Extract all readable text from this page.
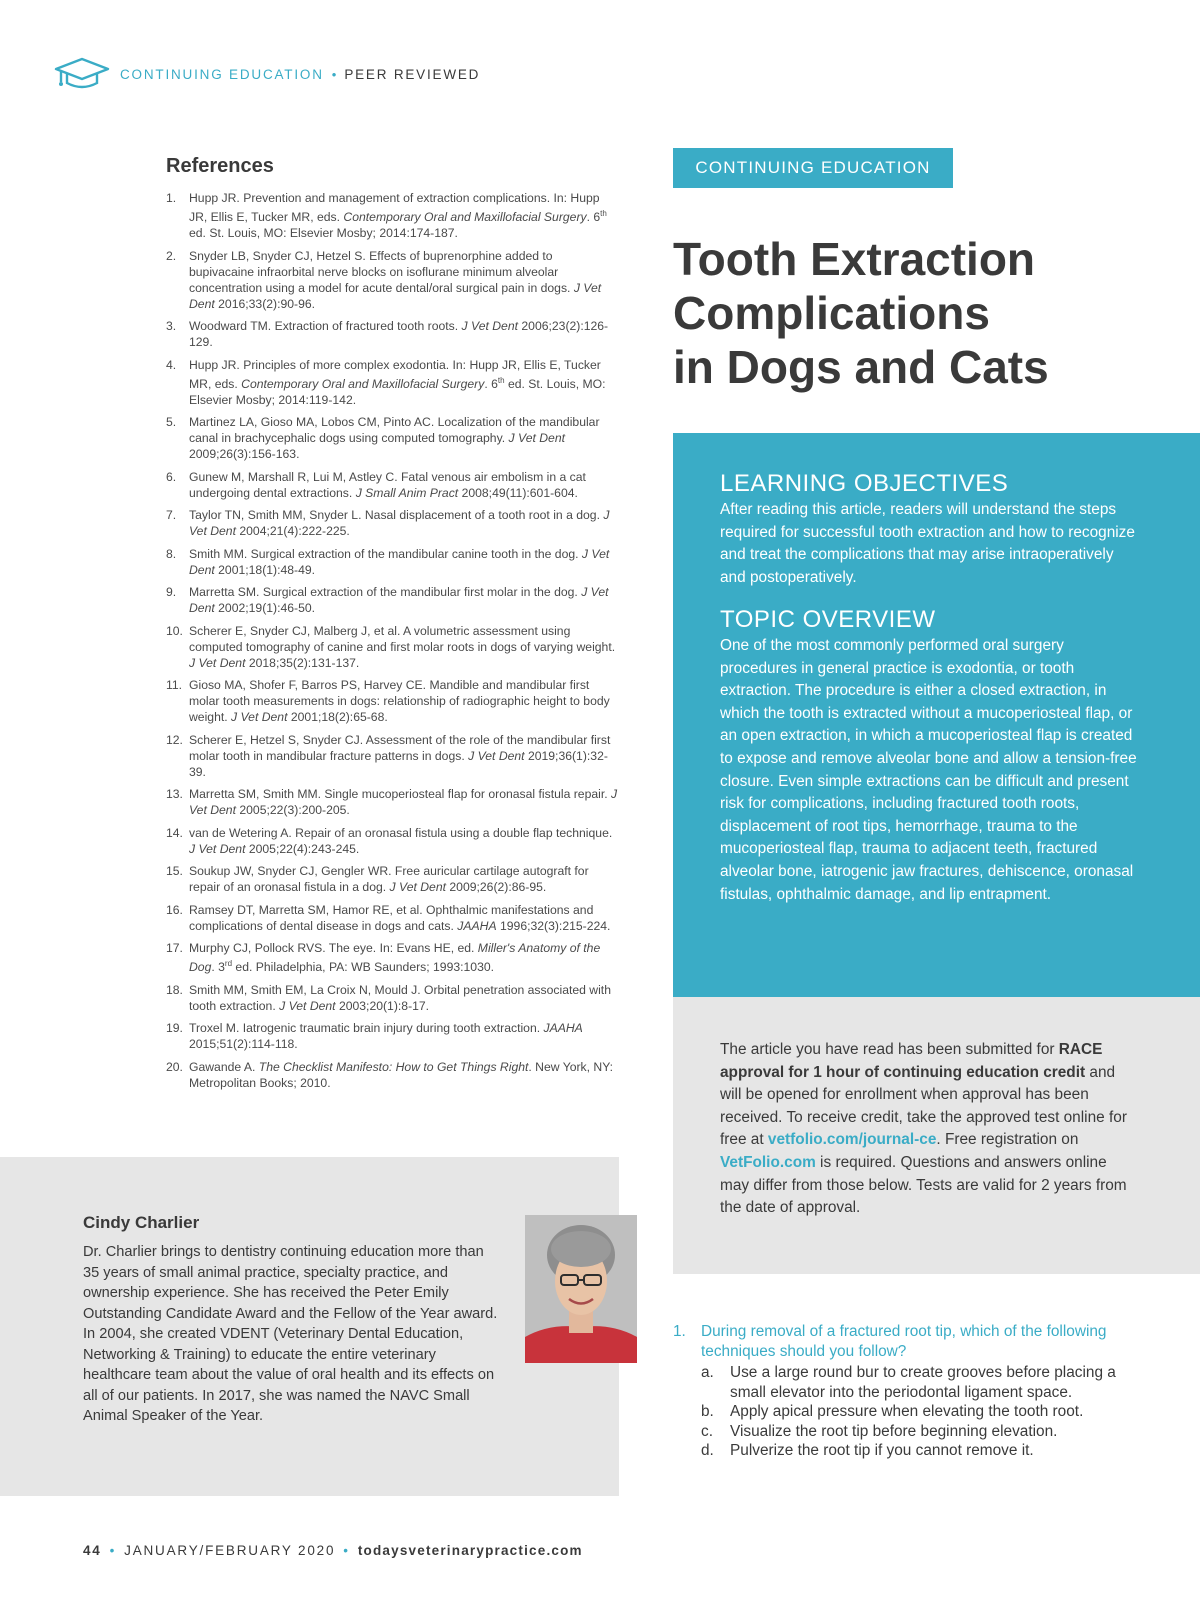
CONTINUING EDUCATION • PEER REVIEWED
References
1.	Hupp JR. Prevention and management of extraction complications. In: Hupp JR, Ellis E, Tucker MR, eds. Contemporary Oral and Maxillofacial Surgery. 6th ed. St. Louis, MO: Elsevier Mosby; 2014:174-187.
2.	Snyder LB, Snyder CJ, Hetzel S. Effects of buprenorphine added to bupivacaine infraorbital nerve blocks on isoflurane minimum alveolar concentration using a model for acute dental/oral surgical pain in dogs. J Vet Dent 2016;33(2):90-96.
3.	Woodward TM. Extraction of fractured tooth roots. J Vet Dent 2006;23(2):126-129.
4.	Hupp JR. Principles of more complex exodontia. In: Hupp JR, Ellis E, Tucker MR, eds. Contemporary Oral and Maxillofacial Surgery. 6th ed. St. Louis, MO: Elsevier Mosby; 2014:119-142.
5.	Martinez LA, Gioso MA, Lobos CM, Pinto AC. Localization of the mandibular canal in brachycephalic dogs using computed tomography. J Vet Dent 2009;26(3):156-163.
6.	Gunew M, Marshall R, Lui M, Astley C. Fatal venous air embolism in a cat undergoing dental extractions. J Small Anim Pract 2008;49(11):601-604.
7.	Taylor TN, Smith MM, Snyder L. Nasal displacement of a tooth root in a dog. J Vet Dent 2004;21(4):222-225.
8.	Smith MM. Surgical extraction of the mandibular canine tooth in the dog. J Vet Dent 2001;18(1):48-49.
9.	Marretta SM. Surgical extraction of the mandibular first molar in the dog. J Vet Dent 2002;19(1):46-50.
10. Scherer E, Snyder CJ, Malberg J, et al. A volumetric assessment using computed tomography of canine and first molar roots in dogs of varying weight. J Vet Dent 2018;35(2):131-137.
11. Gioso MA, Shofer F, Barros PS, Harvey CE. Mandible and mandibular first molar tooth measurements in dogs: relationship of radiographic height to body weight. J Vet Dent 2001;18(2):65-68.
12. Scherer E, Hetzel S, Snyder CJ. Assessment of the role of the mandibular first molar tooth in mandibular fracture patterns in dogs. J Vet Dent 2019;36(1):32-39.
13. Marretta SM, Smith MM. Single mucoperiosteal flap for oronasal fistula repair. J Vet Dent 2005;22(3):200-205.
14. van de Wetering A. Repair of an oronasal fistula using a double flap technique. J Vet Dent 2005;22(4):243-245.
15. Soukup JW, Snyder CJ, Gengler WR. Free auricular cartilage autograft for repair of an oronasal fistula in a dog. J Vet Dent 2009;26(2):86-95.
16. Ramsey DT, Marretta SM, Hamor RE, et al. Ophthalmic manifestations and complications of dental disease in dogs and cats. JAAHA 1996;32(3):215-224.
17. Murphy CJ, Pollock RVS. The eye. In: Evans HE, ed. Miller's Anatomy of the Dog. 3rd ed. Philadelphia, PA: WB Saunders; 1993:1030.
18. Smith MM, Smith EM, La Croix N, Mould J. Orbital penetration associated with tooth extraction. J Vet Dent 2003;20(1):8-17.
19. Troxel M. Iatrogenic traumatic brain injury during tooth extraction. JAAHA 2015;51(2):114-118.
20. Gawande A. The Checklist Manifesto: How to Get Things Right. New York, NY: Metropolitan Books; 2010.
Cindy Charlier
Dr. Charlier brings to dentistry continuing education more than 35 years of small animal practice, specialty practice, and ownership experience. She has received the Peter Emily Outstanding Candidate Award and the Fellow of the Year award. In 2004, she created VDENT (Veterinary Dental Education, Networking & Training) to educate the entire veterinary healthcare team about the value of oral health and its effects on all of our patients. In 2017, she was named the NAVC Small Animal Speaker of the Year.
CONTINUING EDUCATION
Tooth Extraction
Complications
in Dogs and Cats
LEARNING OBJECTIVES
After reading this article, readers will understand the steps required for successful tooth extraction and how to recognize and treat the complications that may arise intraoperatively and postoperatively.
TOPIC OVERVIEW
One of the most commonly performed oral surgery procedures in general practice is exodontia, or tooth extraction. The procedure is either a closed extraction, in which the tooth is extracted without a mucoperiosteal flap, or an open extraction, in which a mucoperiosteal flap is created to expose and remove alveolar bone and allow a tension-free closure. Even simple extractions can be difficult and present risk for complications, including fractured tooth roots, displacement of root tips, hemorrhage, trauma to the mucoperiosteal flap, trauma to adjacent teeth, fractured alveolar bone, iatrogenic jaw fractures, dehiscence, oronasal fistulas, ophthalmic damage, and lip entrapment.
The article you have read has been submitted for RACE approval for 1 hour of continuing education credit and will be opened for enrollment when approval has been received. To receive credit, take the approved test online for free at vetfolio.com/journal-ce. Free registration on VetFolio.com is required. Questions and answers online may differ from those below. Tests are valid for 2 years from the date of approval.
1. During removal of a fractured root tip, which of the following techniques should you follow?
a.	Use a large round bur to create grooves before placing a small elevator into the periodontal ligament space.
b.	Apply apical pressure when elevating the tooth root.
c.	Visualize the root tip before beginning elevation.
d.	Pulverize the root tip if you cannot remove it.
44 • JANUARY/FEBRUARY 2020 • todaysveterinarypractice.com
